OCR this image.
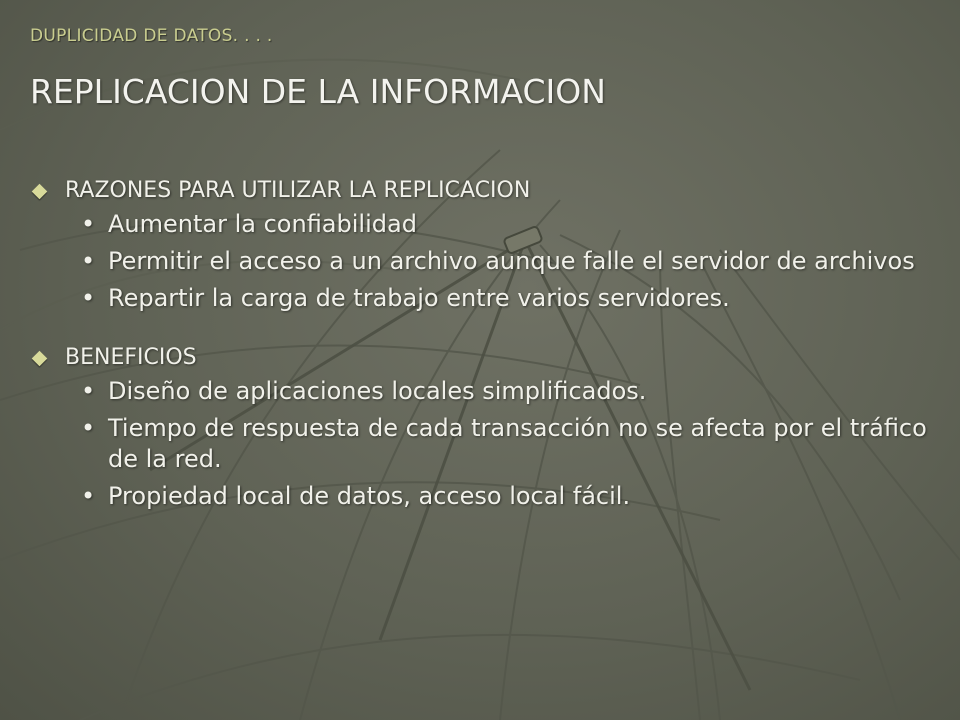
DUPLICIDAD DE DATOS. . . .
REPLICACION DE LA INFORMACION
RAZONES PARA UTILIZAR LA REPLICACION
• Aumentar la confiabilidad
• Permitir el acceso a un archivo aunque falle el servidor de archivos
• Repartir la carga de trabajo entre varios servidores.
BENEFICIOS
• Diseño de aplicaciones locales simplificados.
• Tiempo de respuesta de cada transacción no se afecta por el tráfico de la red.
• Propiedad local de datos, acceso local fácil.
